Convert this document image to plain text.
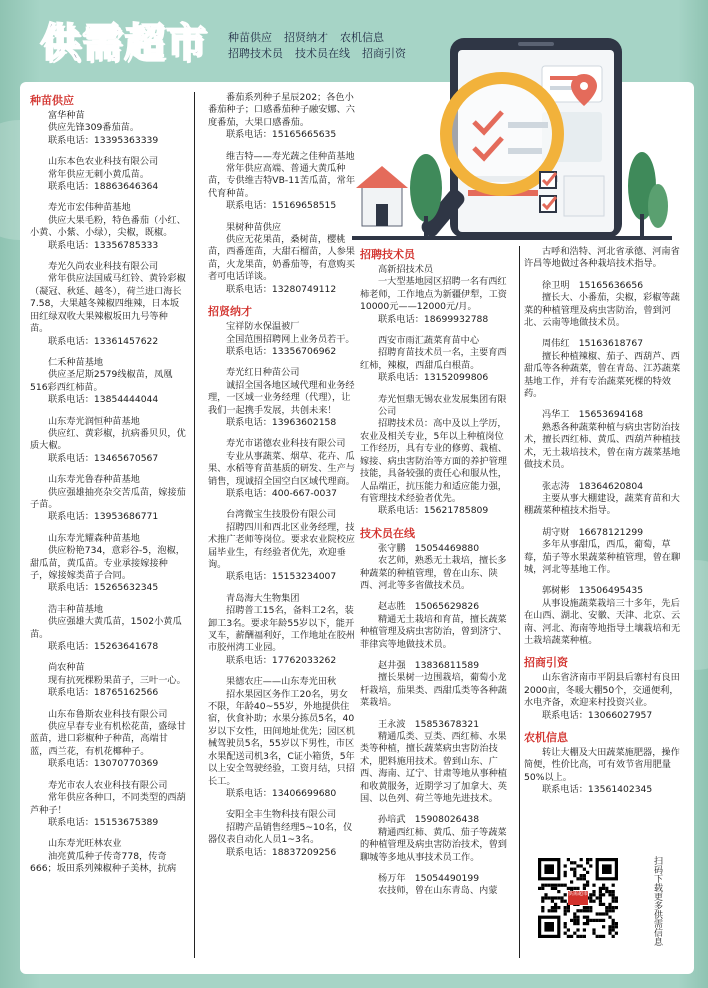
供需超市 种苗供应 招贤纳才 农机信息
招聘技术员 技术员在线 招商引资
种苗供应
富华种苗
供应先锋309番茄苗。
联系电话：13395363339
山东本色农业科技有限公司
常年供应无刺小黄瓜苗。
联系电话：18863646364
寿光市宏伟种苗基地
供应大果毛粉，特色番茄（小红、小黄、小紫、小绿），尖椒，既椒。
联系电话：13356785333
寿光久尚农业科技有限公司
常年供应法国威马红铃、黄铃彩椒（凝冠、秋延、越冬），荷兰进口海长7.58，大果越冬辣椒四维辣，日本坂田红绿双收大果辣椒坂田九号等种苗。
联系电话：13361457622
仁禾种苗基地
供应圣尼斯2579线椒苗，凤凰516彩西红柿苗。
联系电话：13854444044
山东寿光润恒种苗基地
供应红、黄彩椒，抗病番贝贝，优质大椒。
联系电话：13465670567
山东寿光鲁春种苗基地
供应强雄抽亮杂交苦瓜苗，嫁接茄子苗。
联系电话：13953686771
山东寿光耀森种苗基地
供应粉艳734，意彩谷-5，泡椒，甜瓜苗，黄瓜苗。专业承接嫁接种子，嫁接嫁类苗子合同。
联系电话：15265632345
浩丰种苗基地
供应强雄大黄瓜苗，1502小黄瓜苗。
联系电话：15263641678
尚农种苗
现有抗死棵粉果苗子，三叶一心。
联系电话：18765162566
山东布鲁斯农业科技有限公司
供应早春专业有机松花苗，盛绿甘蓝苗，进口彩椒种子种苗，高端甘蓝，西兰花，有机花椰种子。
联系电话：13070770369
寿光市农人农业科技有限公司
常年供应各种口，不同类型的西葫芦种子！
联系电话：15153675389
山东寿光旺林农业
油亮黄瓜种子传奇778，传奇666；坂田系列辣椒种子美林，抗病
番茄系列种子星辰202；各色小番茄种子；口感番茄种子融安娜、六度番茄，大果口感番茄。
联系电话：15165665635
维吉特——寿光蔬之佳种苗基地
常年供应高端、普通大黄瓜种苗，专供维吉特VB-11苦瓜苗，常年代育种苗。
联系电话：15169658515
果树种苗供应
供应无花果苗，桑树苗，樱桃苗，西番莲苗，大甜石榴苗，人参果苗，火龙果苗，奶番茄等，有意购买者可电话详谈。
联系电话：13280749112
招贤纳才
宝祥防水保温被厂
全国范围招聘网上业务员若干。
联系电话：13356706962
寿光红日种苗公司
诚招全国各地区域代理和业务经理，一区域一业务经理（代理），让我们一起携手发展，共创未来！
联系电话：13963602158
寿光市诺德农业科技有限公司
专业从事蔬菜、烟草、花卉、瓜果、水稻等育苗基质的研发、生产与销售，现诚招全国空白区域代理商。
联系电话：400-667-0037
台湾微宝生技股份有限公司
招聘四川和西北区业务经理，技术推广老师等岗位。要求农业院校应届毕业生，有经验者优先，欢迎垂询。
联系电话：15153234007
青岛海大生物集团
招聘普工15名，备料工2名，装卸工3名。要求年龄55岁以下，能开叉车，薪酬福利好，工作地址在胶州市胶州湾工业园。
联系电话：17762033262
果德农庄——山东寿光田秋
招水果园区务作工20名，男女不限，年龄40~55岁，外地提供住宿，伙食补助；水果分拣员5名，40岁以下女性，田间地址优先；园区机械驾驶员5名，55岁以下男性，市区水果配送司机3名，C证小箱货，5年以上安全驾驶经验，工资月结，只招长工。
联系电话：13406699680
安阳全丰生物科技有限公司
招聘产品销售经理5~10名，仪器仪表自动化人员1~3名。
联系电话：18837209256
招聘技术员
高新招技术员
一大型基地园区招聘一名有西红柿老师，工作地点为新疆伊犁，工资10000元——12000元/月。
联系电话：18699932788
西安市雨汇蔬菜育苗中心
招聘育苗技术员一名，主要育西红柿，辣椒，西甜瓜白根苗。
联系电话：13152099806
寿光恒鼎无锡农业发展集团有限公司
招聘技术员：高中及以上学历，农业及相关专业，5年以上种植岗位工作经历，具有专业的修剪、栽植、嫁接、病虫害防治等方面的养护管理技能，具备较强的责任心和服从性，人品端正，抗压能力和适应能力强，有管理技术经验者优先。
联系电话：15621785809
技术员在线
张守鹏　15054469880
农艺师，熟悉无土栽培，擅长多种蔬菜的种植管理，曾在山东、陕西、河北等多省做技术员。
赵志胜　15065629826
精通无土栽培和育苗，擅长蔬菜种植管理及病虫害防治，曾到济宁、菲律宾等地做技术员。
赵井强　13836811589
擅长果树一边围栽培，葡萄小龙杆栽培，茄果类、西甜瓜类等各种蔬菜栽培。
王永波　15853678321
精通瓜类、豆类、西红柿、水果类等种植，擅长蔬菜病虫害防治技术，肥料施用技术。曾到山东、广西、海南、辽宁、甘肃等地从事种植和收黄服务，近期学习了加拿大、英国、以色列、荷兰等地先进技术。
孙培武　15908026438
精通西红柿、黄瓜、茄子等蔬菜的种植管理及病虫害防治技术，曾到聊城等多地从事技术员工作。
杨万年　15054490199
农技师，曾在山东青岛、内蒙
古呼和浩特、河北省承德、河南省许昌等地做过各种栽培技术指导。
徐卫明　15165636656
擅长大、小番茄，尖椒，彩椒等蔬菜的种植管理及病虫害防治，曾到河北、云南等地做技术员。
周伟红　15163618767
擅长种植辣椒、茄子、西葫芦、西甜瓜等各种蔬菜，曾在青岛、江苏蔬菜基地工作，并有专治蔬菜死棵的特效药。
冯华工　15653694168
熟悉各种蔬菜种植与病虫害防治技术，擅长西红柿、黄瓜、西葫芦种植技术，无土栽培技术，曾在南方蔬菜基地做技术员。
张志涛　18364620804
主要从事大棚建设，蔬菜育苗和大棚蔬菜种植技术指导。
胡守财　16678121299
多年从事甜瓜，西瓜，葡萄，草莓，茄子等水果蔬菜种植管理，曾在聊城，河北等基地工作。
郭树彬　13506495435
从事设施蔬菜栽培三十多年，先后在山西、湖北、安徽、天津、北京、云南、河北、海南等地指导土壤栽培和无土栽培蔬菜种植。
招商引资
山东省济南市平阴县后寨村有良田2000亩，冬暖大棚50个，交通便利，水电齐备，欢迎来村投资兴业。
联系电话：13066027957
农机信息
转让大棚及大田蔬菜施肥器，操作简便，性价比高，可有效节省用肥量50%以上。
联系电话：13561402345
供需超市	扫码下载更多供需信息
